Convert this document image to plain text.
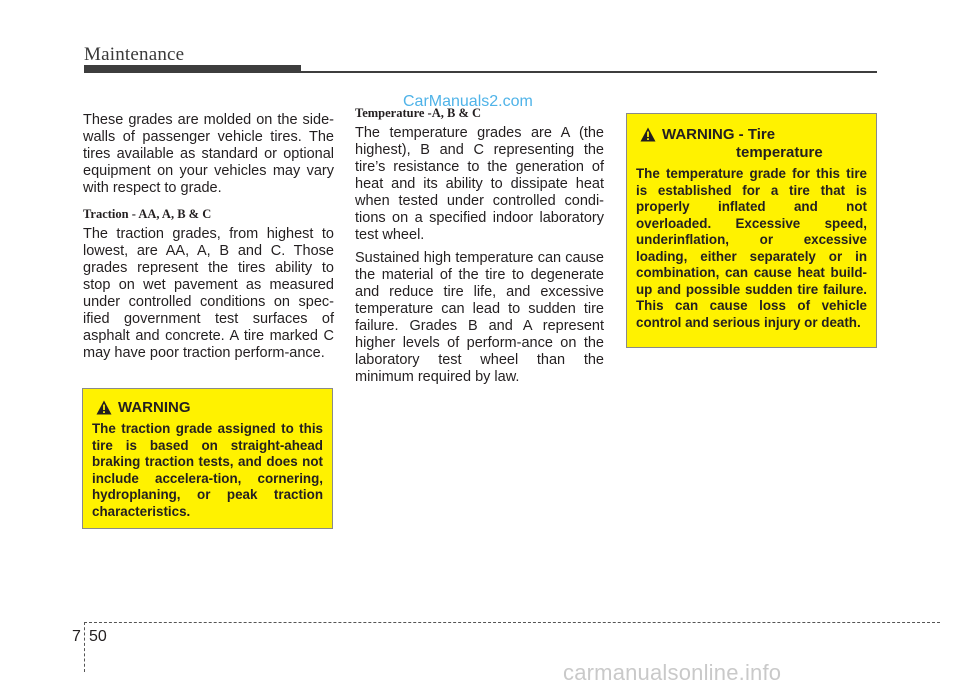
Maintenance
CarManuals2.com

These grades are molded on the side-walls of passenger vehicle tires. The tires available as standard or optional equipment on your vehicles may vary with respect to grade.

Traction - AA, A, B & C

The traction grades, from highest to lowest, are AA, A, B and C. Those grades represent the tires ability to stop on wet pavement as measured under controlled conditions on spec-ified government test surfaces of asphalt and concrete. A tire marked C may have poor traction perform-ance.

Temperature -A, B & C

The temperature grades are A (the highest), B and C representing the tire’s resistance to the generation of heat and its ability to dissipate heat when tested under controlled condi-tions on a specified indoor laboratory test wheel.

Sustained high temperature can cause the material of the tire to degenerate and reduce tire life, and excessive temperature can lead to sudden tire failure. Grades B and A represent higher levels of perform-ance on the laboratory test wheel than the minimum required by law.

WARNING
The traction grade assigned to this tire is based on straight-ahead braking traction tests, and does not include accelera-tion, cornering, hydroplaning, or peak traction characteristics.
WARNING - Tire
temperature
The temperature grade for this tire is established for a tire that is properly inflated and not overloaded. Excessive speed, underinflation, or excessive loading, either separately or in combination, can cause heat build-up and possible sudden tire failure. This can cause loss of vehicle control and serious injury or death.
7 50
carmanualsonline.info
